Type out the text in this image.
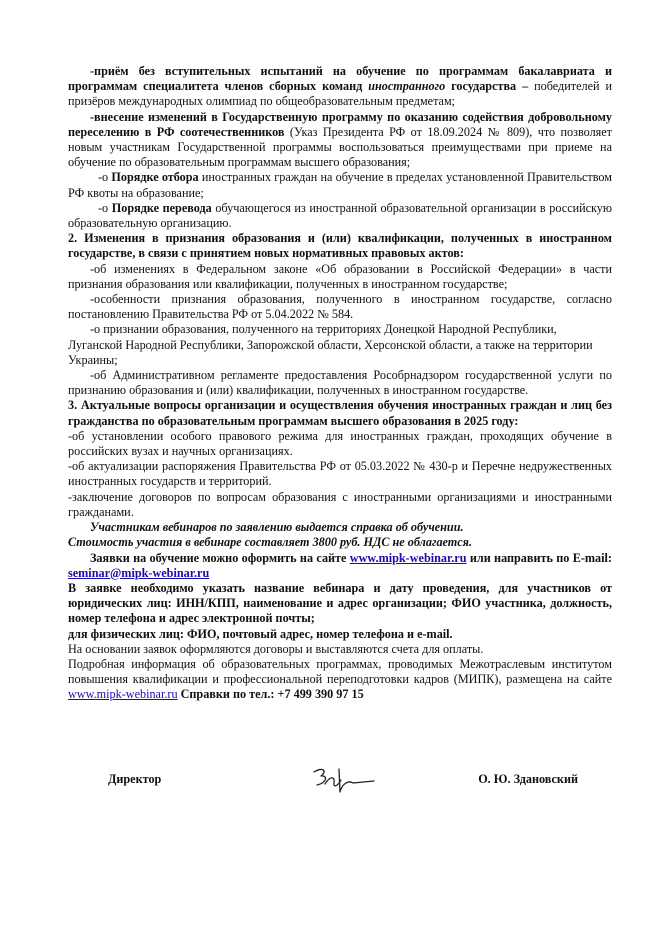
-приём без вступительных испытаний на обучение по программам бакалавриата и программам специалитета членов сборных команд иностранного государства – победителей и призёров международных олимпиад по общеобразовательным предметам;

-внесение изменений в Государственную программу по оказанию содействия добровольному переселению в РФ соотечественников (Указ Президента РФ от 18.09.2024 № 809), что позволяет новым участникам Государственной программы воспользоваться преимуществами при приеме на обучение по образовательным программам высшего образования;

-о Порядке отбора иностранных граждан на обучение в пределах установленной Правительством РФ квоты на образование;

-о Порядке перевода обучающегося из иностранной образовательной организации в российскую образовательную организацию.

2. Изменения в признания образования и (или) квалификации, полученных в иностранном государстве, в связи с принятием новых нормативных правовых актов:

-об изменениях в Федеральном законе «Об образовании в Российской Федерации» в части признания образования или квалификации, полученных в иностранном государстве;

-особенности признания образования, полученного в иностранном государстве, согласно постановлению Правительства РФ от 5.04.2022 № 584.

-о признании образования, полученного на территориях Донецкой Народной Республики, Луганской Народной Республики, Запорожской области, Херсонской области, а также на территории Украины;

-об Административном регламенте предоставления Рособрнадзором государственной услуги по признанию образования и (или) квалификации, полученных в иностранном государстве.

3. Актуальные вопросы организации и осуществления обучения иностранных граждан и лиц без гражданства по образовательным программам высшего образования в 2025 году:

-об установлении особого правового режима для иностранных граждан, проходящих обучение в российских вузах и научных организациях.

-об актуализации распоряжения Правительства РФ от 05.03.2022 № 430-р и Перечне недружественных иностранных государств и территорий.

-заключение договоров по вопросам образования с иностранными организациями и иностранными гражданами.

Участникам вебинаров по заявлению выдается справка об обучении.

Стоимость участия в вебинаре составляет 3800 руб. НДС не облагается.

Заявки на обучение можно оформить на сайте www.mipk-webinar.ru или направить по E-mail: seminar@mipk-webinar.ru

В заявке необходимо указать название вебинара и дату проведения, для участников от юридических лиц: ИНН/КПП, наименование и адрес организации; ФИО участника, должность, номер телефона и адрес электронной почты;

для физических лиц: ФИО, почтовый адрес, номер телефона и e-mail.

На основании заявок оформляются договоры и выставляются счета для оплаты.

Подробная информация об образовательных программах, проводимых Межотраслевым институтом повышения квалификации и профессиональной переподготовки кадров (МИПК), размещена на сайте www.mipk-webinar.ru Справки по тел.: +7 499 390 97 15

Директор	О. Ю. Здановский
